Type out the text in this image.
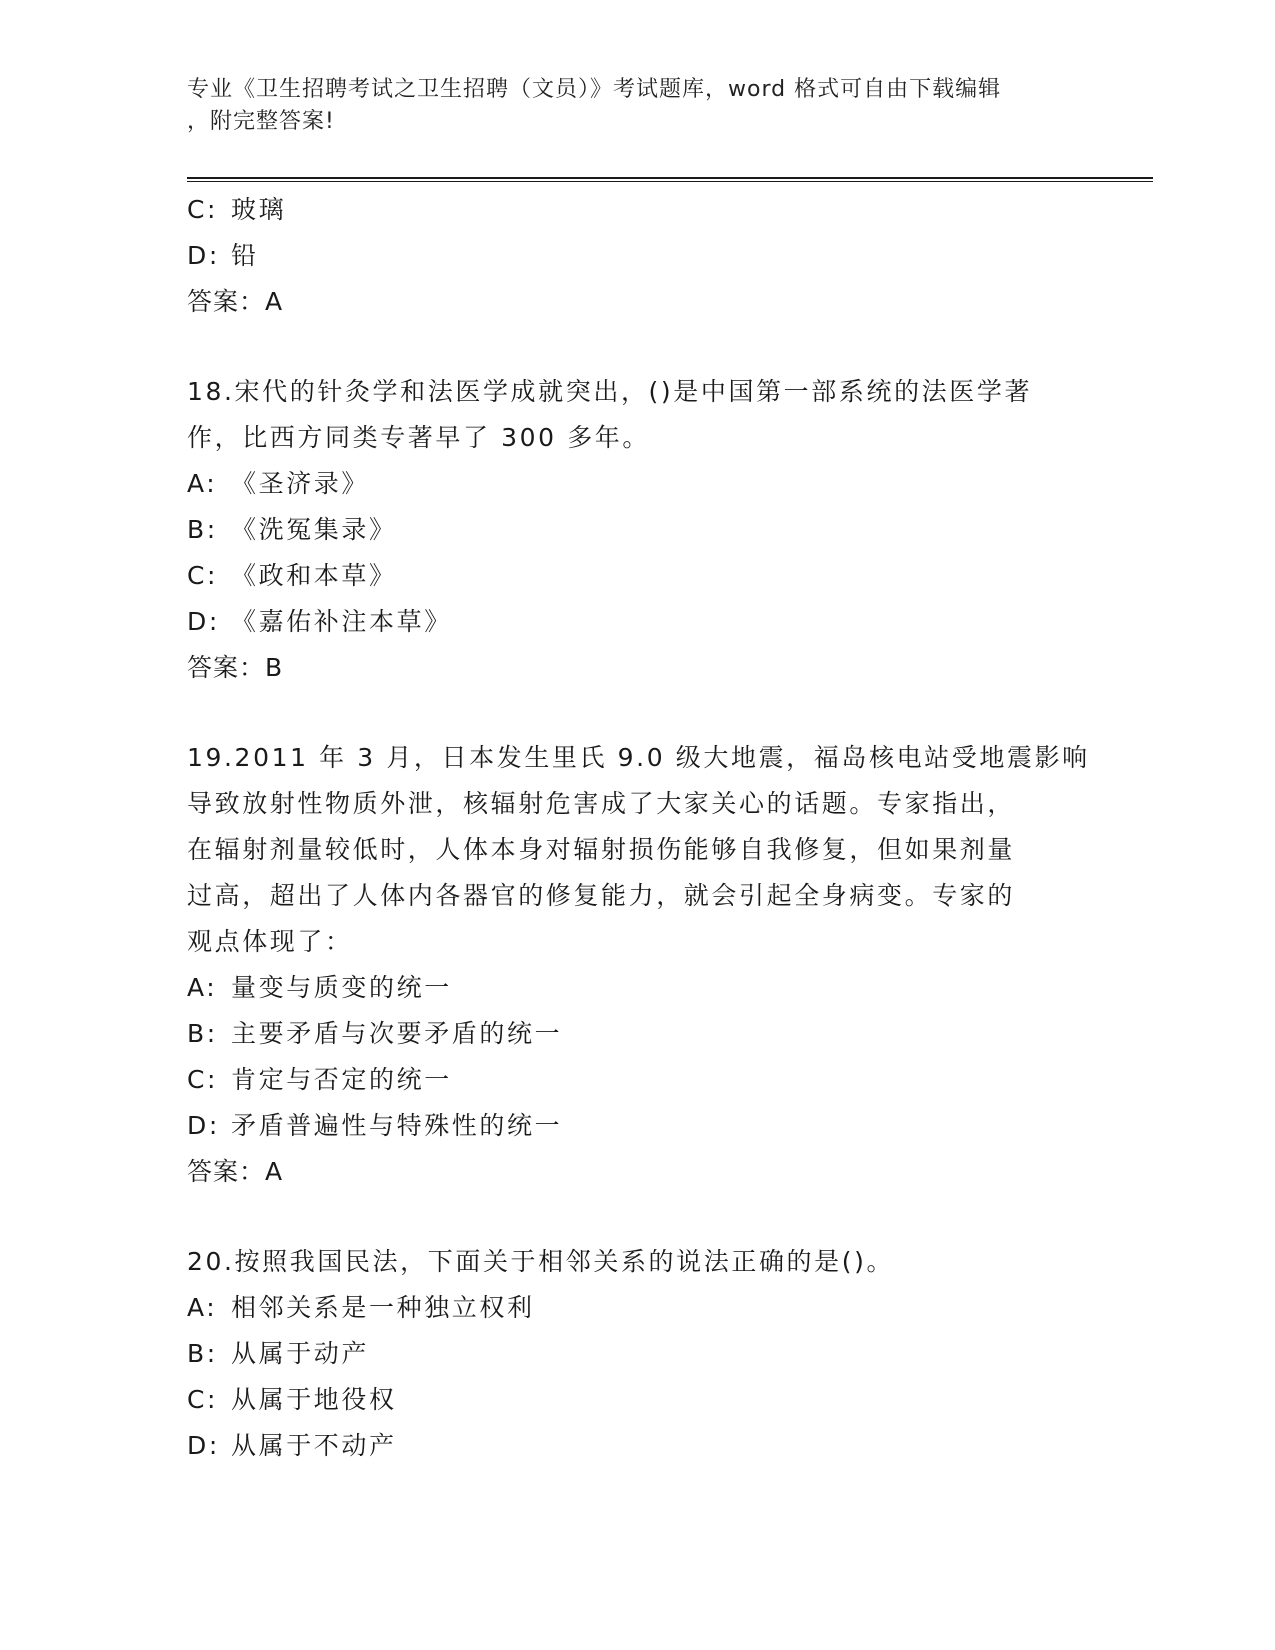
专业《卫生招聘考试之卫生招聘（文员）》考试题库，word 格式可自由下载编辑
，附完整答案!
C: 玻璃
D: 铅
答案：A
18.宋代的针灸学和法医学成就突出，()是中国第一部系统的法医学著
作，比西方同类专著早了 300 多年。
A: 《圣济录》
B: 《洗冤集录》
C: 《政和本草》
D: 《嘉佑补注本草》
答案：B
19.2011 年 3 月，日本发生里氏 9.0 级大地震，福岛核电站受地震影响
导致放射性物质外泄，核辐射危害成了大家关心的话题。专家指出，
在辐射剂量较低时，人体本身对辐射损伤能够自我修复，但如果剂量
过高，超出了人体内各器官的修复能力，就会引起全身病变。专家的
观点体现了：
A: 量变与质变的统一
B: 主要矛盾与次要矛盾的统一
C: 肯定与否定的统一
D: 矛盾普遍性与特殊性的统一
答案：A
20.按照我国民法，下面关于相邻关系的说法正确的是()。
A: 相邻关系是一种独立权利
B: 从属于动产
C: 从属于地役权
D: 从属于不动产
